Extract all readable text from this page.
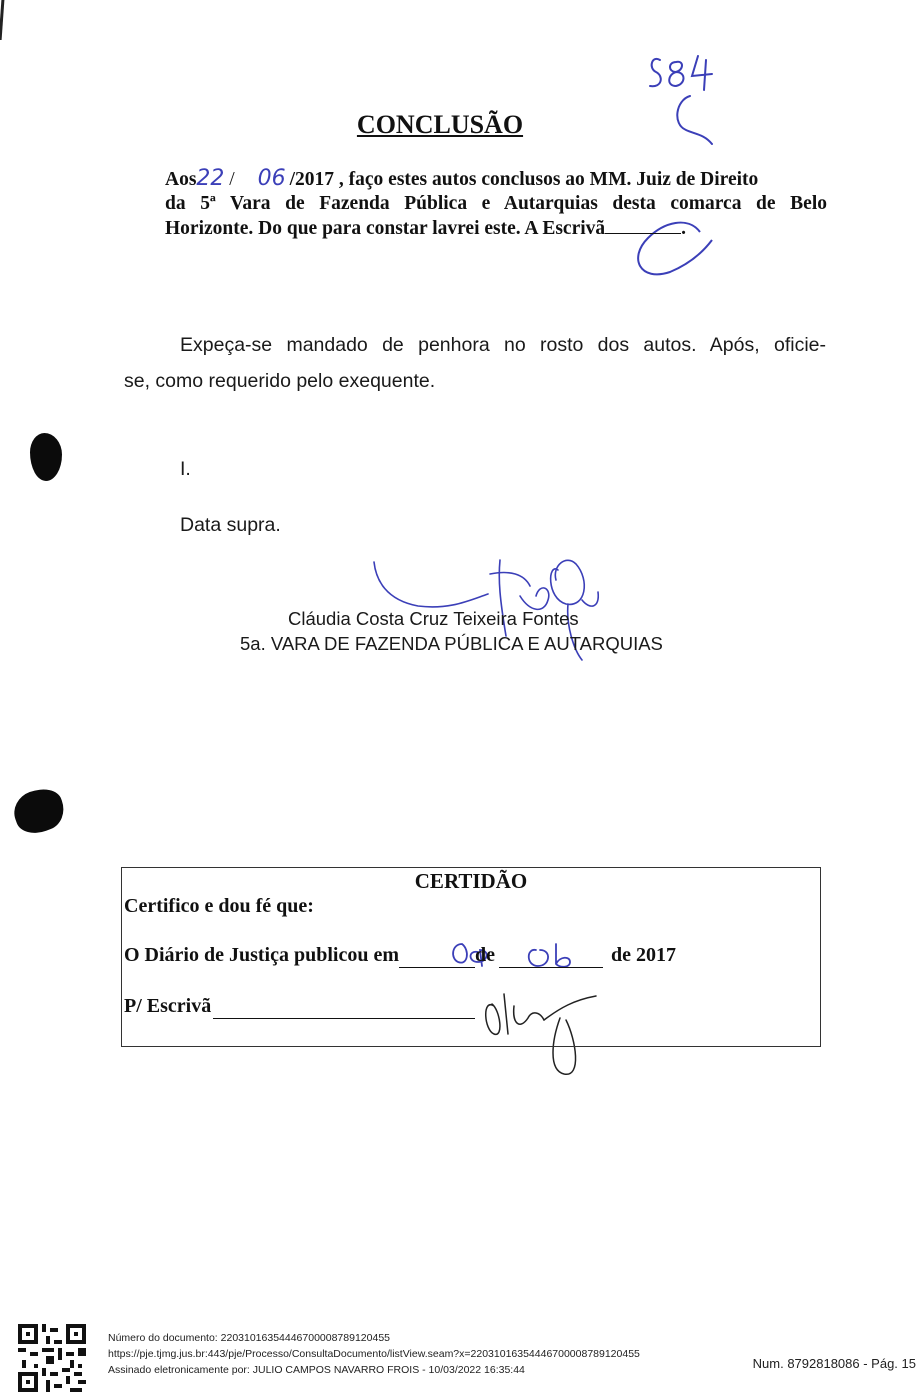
CONCLUSÃO
Aos22 / 06 /2017 , faço estes autos conclusos ao MM. Juiz de Direito
da 5ª Vara de Fazenda Pública e Autarquias desta comarca de Belo
Horizonte. Do que para constar lavrei este. A Escrivã	.
Expeça-se mandado de penhora no rosto dos autos. Após, oficie-
se, como requerido pelo exequente.
I.
Data supra.
Cláudia Costa Cruz Teixeira Fontes
5a. VARA DE FAZENDA PÚBLICA E AUTARQUIAS
CERTIDÃO
Certifico e dou fé que:
O Diário de Justiça publicou em	de	de 2017
P/ Escrivã
Número do documento: 22031016354446700008789120455
https://pje.tjmg.jus.br:443/pje/Processo/ConsultaDocumento/listView.seam?x=22031016354446700008789120455
Assinado eletronicamente por: JULIO CAMPOS NAVARRO FROIS - 10/03/2022 16:35:44	Num. 8792818086 - Pág. 15
